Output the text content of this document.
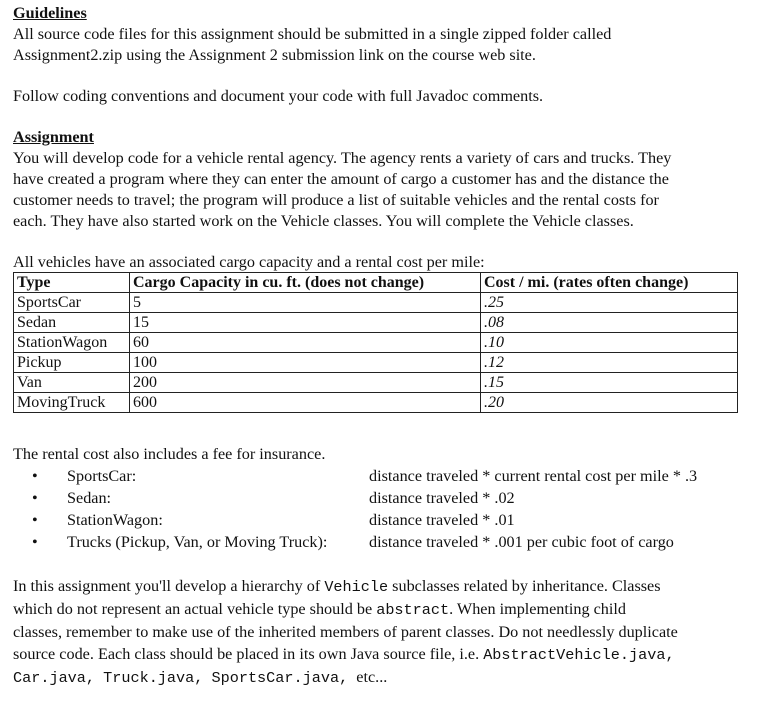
Guidelines

All source code files for this assignment should be submitted in a single zipped folder called

Assignment2.zip using the Assignment 2 submission link on the course web site.

Follow coding conventions and document your code with full Javadoc comments.

Assignment

You will develop code for a vehicle rental agency. The agency rents a variety of cars and trucks. They

have created a program where they can enter the amount of cargo a customer has and the distance the

customer needs to travel; the program will produce a list of suitable vehicles and the rental costs for

each. They have also started work on the Vehicle classes. You will complete the Vehicle classes.

All vehicles have an associated cargo capacity and a rental cost per mile:

Type	Cargo Capacity in cu. ft. (does not change)	Cost / mi. (rates often change)
SportsCar	5	.25
Sedan	15	.08
StationWagon	60	.10
Pickup	100	.12
Van	200	.15
MovingTruck	600	.20

The rental cost also includes a fee for insurance.

• SportsCar:	distance traveled * current rental cost per mile * .3
• Sedan:	distance traveled * .02
• StationWagon:	distance traveled * .01
• Trucks (Pickup, Van, or Moving Truck):	distance traveled * .001 per cubic foot of cargo

In this assignment you'll develop a hierarchy of Vehicle subclasses related by inheritance. Classes

which do not represent an actual vehicle type should be abstract. When implementing child

classes, remember to make use of the inherited members of parent classes. Do not needlessly duplicate

source code. Each class should be placed in its own Java source file, i.e. AbstractVehicle.java,

Car.java, Truck.java, SportsCar.java, etc...
